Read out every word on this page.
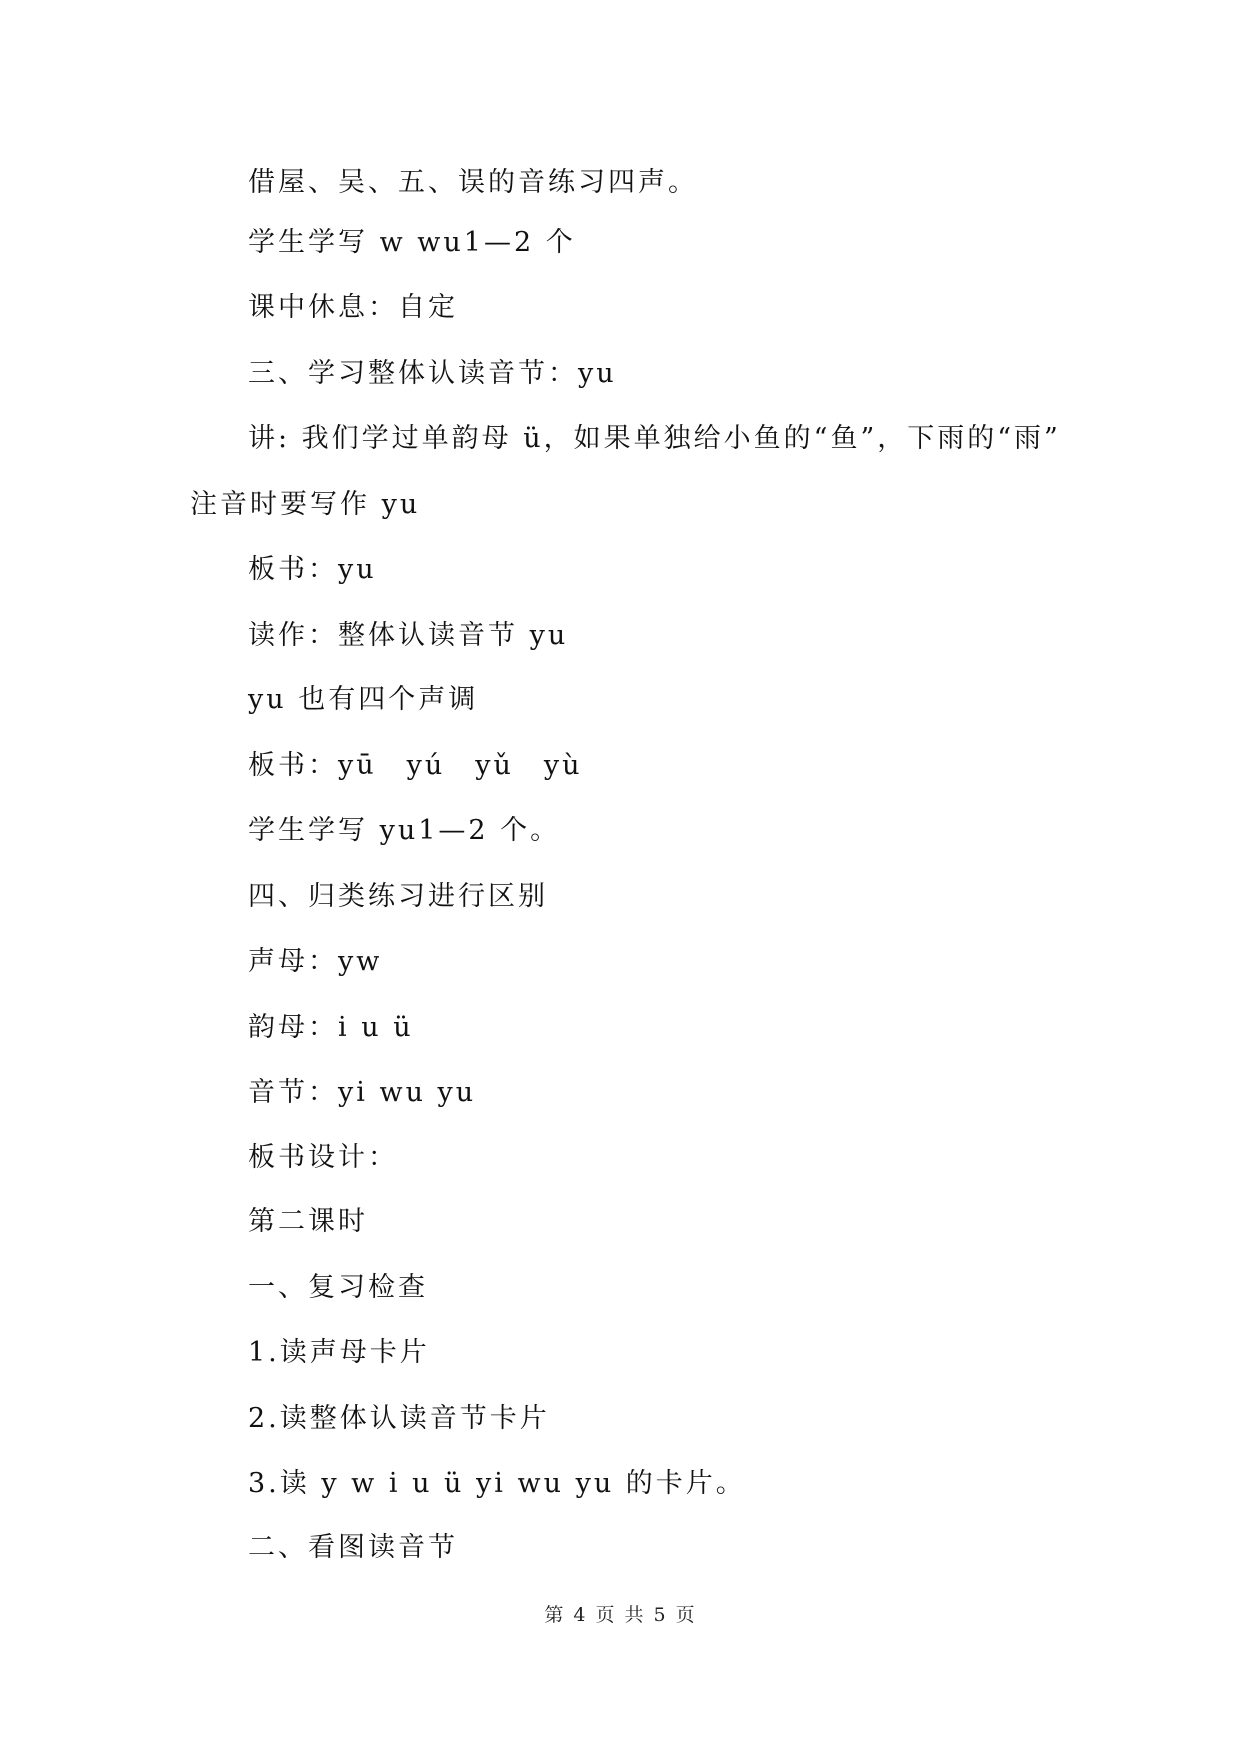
借屋、吴、五、误的音练习四声。
学生学写 w wu1—2 个
课中休息：自定
三、学习整体认读音节：yu
讲: 我们学过单韵母 ü，如果单独给小鱼的“鱼”，下雨的“雨”
注音时要写作 yu
板书：yu
读作：整体认读音节 yu
yu 也有四个声调
板书：yū　yú　yǔ　yù
学生学写 yu1—2 个。
四、归类练习进行区别
声母：yw
韵母：i u ü
音节：yi wu yu
板书设计：
第二课时
一、复习检查
1.读声母卡片
2.读整体认读音节卡片
3.读 y w i u ü yi wu yu 的卡片。
二、看图读音节
第 4 页 共 5 页
